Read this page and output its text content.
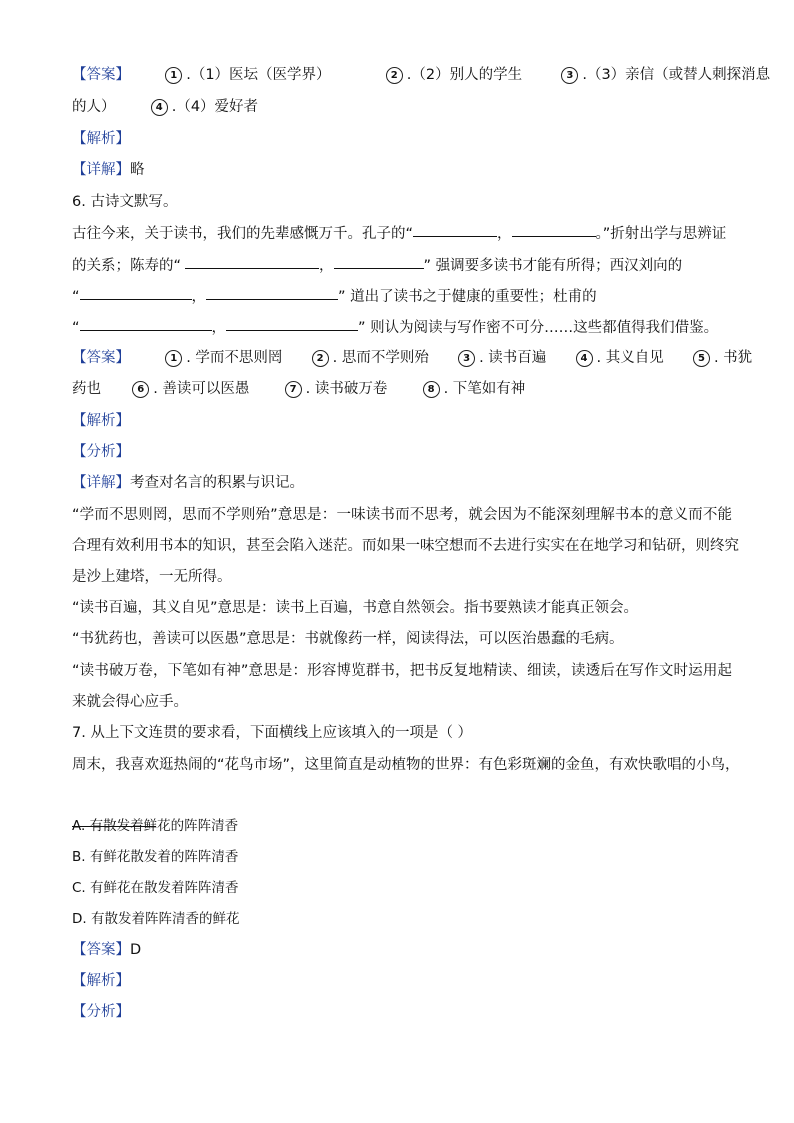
【答案】	1 .（1）医坛（医学界）	2 .（2）别人的学生	3 .（3）亲信（或替人刺探消息
的人）	4 .（4）爱好者
【解析】
【详解】略
6. 古诗文默写。
古往今来，关于读书，我们的先辈感慨万千。孔子的“	，	。”折射出学与思辨证
的关系；陈寿的“	，	” 强调要多读书才能有所得；西汉刘向的
“	，	” 道出了读书之于健康的重要性；杜甫的
“	，	” 则认为阅读与写作密不可分……这些都值得我们借鉴。
【答案】	1 . 学而不思则罔	2 . 思而不学则殆	3 . 读书百遍	4 . 其义自见	5 . 书犹
药也	6 . 善读可以医愚	7 . 读书破万卷	8 . 下笔如有神
【解析】
【分析】
【详解】考查对名言的积累与识记。
“学而不思则罔，思而不学则殆”意思是：一味读书而不思考，就会因为不能深刻理解书本的意义而不能
合理有效利用书本的知识，甚至会陷入迷茫。而如果一味空想而不去进行实实在在地学习和钻研，则终究
是沙上建塔，一无所得。
“读书百遍，其义自见”意思是：读书上百遍，书意自然领会。指书要熟读才能真正领会。
“书犹药也，善读可以医愚”意思是：书就像药一样，阅读得法，可以医治愚蠢的毛病。
“读书破万卷，下笔如有神”意思是：形容博览群书，把书反复地精读、细读，读透后在写作文时运用起
来就会得心应手。
7. 从上下文连贯的要求看，下面横线上应该填入的一项是（ ）
周末，我喜欢逛热闹的“花鸟市场”，这里简直是动植物的世界：有色彩斑斓的金鱼，有欢快歌唱的小鸟，
A. 有散发着鲜花的阵阵清香
B. 有鲜花散发着的阵阵清香
C. 有鲜花在散发着阵阵清香
D. 有散发着阵阵清香的鲜花
【答案】D
【解析】
【分析】
